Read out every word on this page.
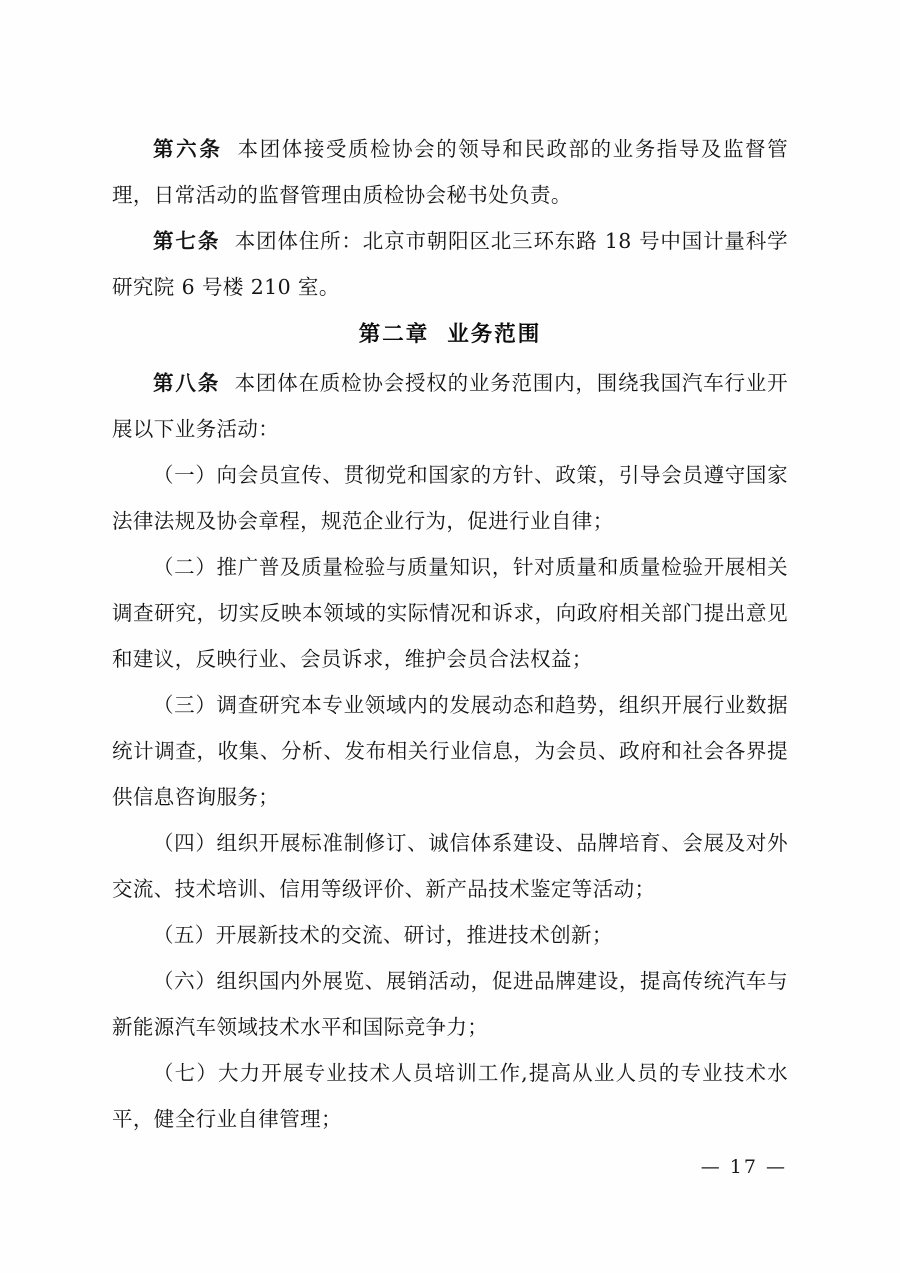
第六条 本团体接受质检协会的领导和民政部的业务指导及监督管理，日常活动的监督管理由质检协会秘书处负责。

第七条 本团体住所：北京市朝阳区北三环东路 18 号中国计量科学研究院 6 号楼 210 室。

第二章 业务范围

第八条 本团体在质检协会授权的业务范围内，围绕我国汽车行业开展以下业务活动：

（一）向会员宣传、贯彻党和国家的方针、政策，引导会员遵守国家法律法规及协会章程，规范企业行为，促进行业自律；

（二）推广普及质量检验与质量知识，针对质量和质量检验开展相关调查研究，切实反映本领域的实际情况和诉求，向政府相关部门提出意见和建议，反映行业、会员诉求，维护会员合法权益；

（三）调查研究本专业领域内的发展动态和趋势，组织开展行业数据统计调查，收集、分析、发布相关行业信息，为会员、政府和社会各界提供信息咨询服务；

（四）组织开展标准制修订、诚信体系建设、品牌培育、会展及对外交流、技术培训、信用等级评价、新产品技术鉴定等活动；

（五）开展新技术的交流、研讨，推进技术创新；

（六）组织国内外展览、展销活动，促进品牌建设，提高传统汽车与新能源汽车领域技术水平和国际竞争力；

（七）大力开展专业技术人员培训工作,提高从业人员的专业技术水平，健全行业自律管理；

— 17 —
